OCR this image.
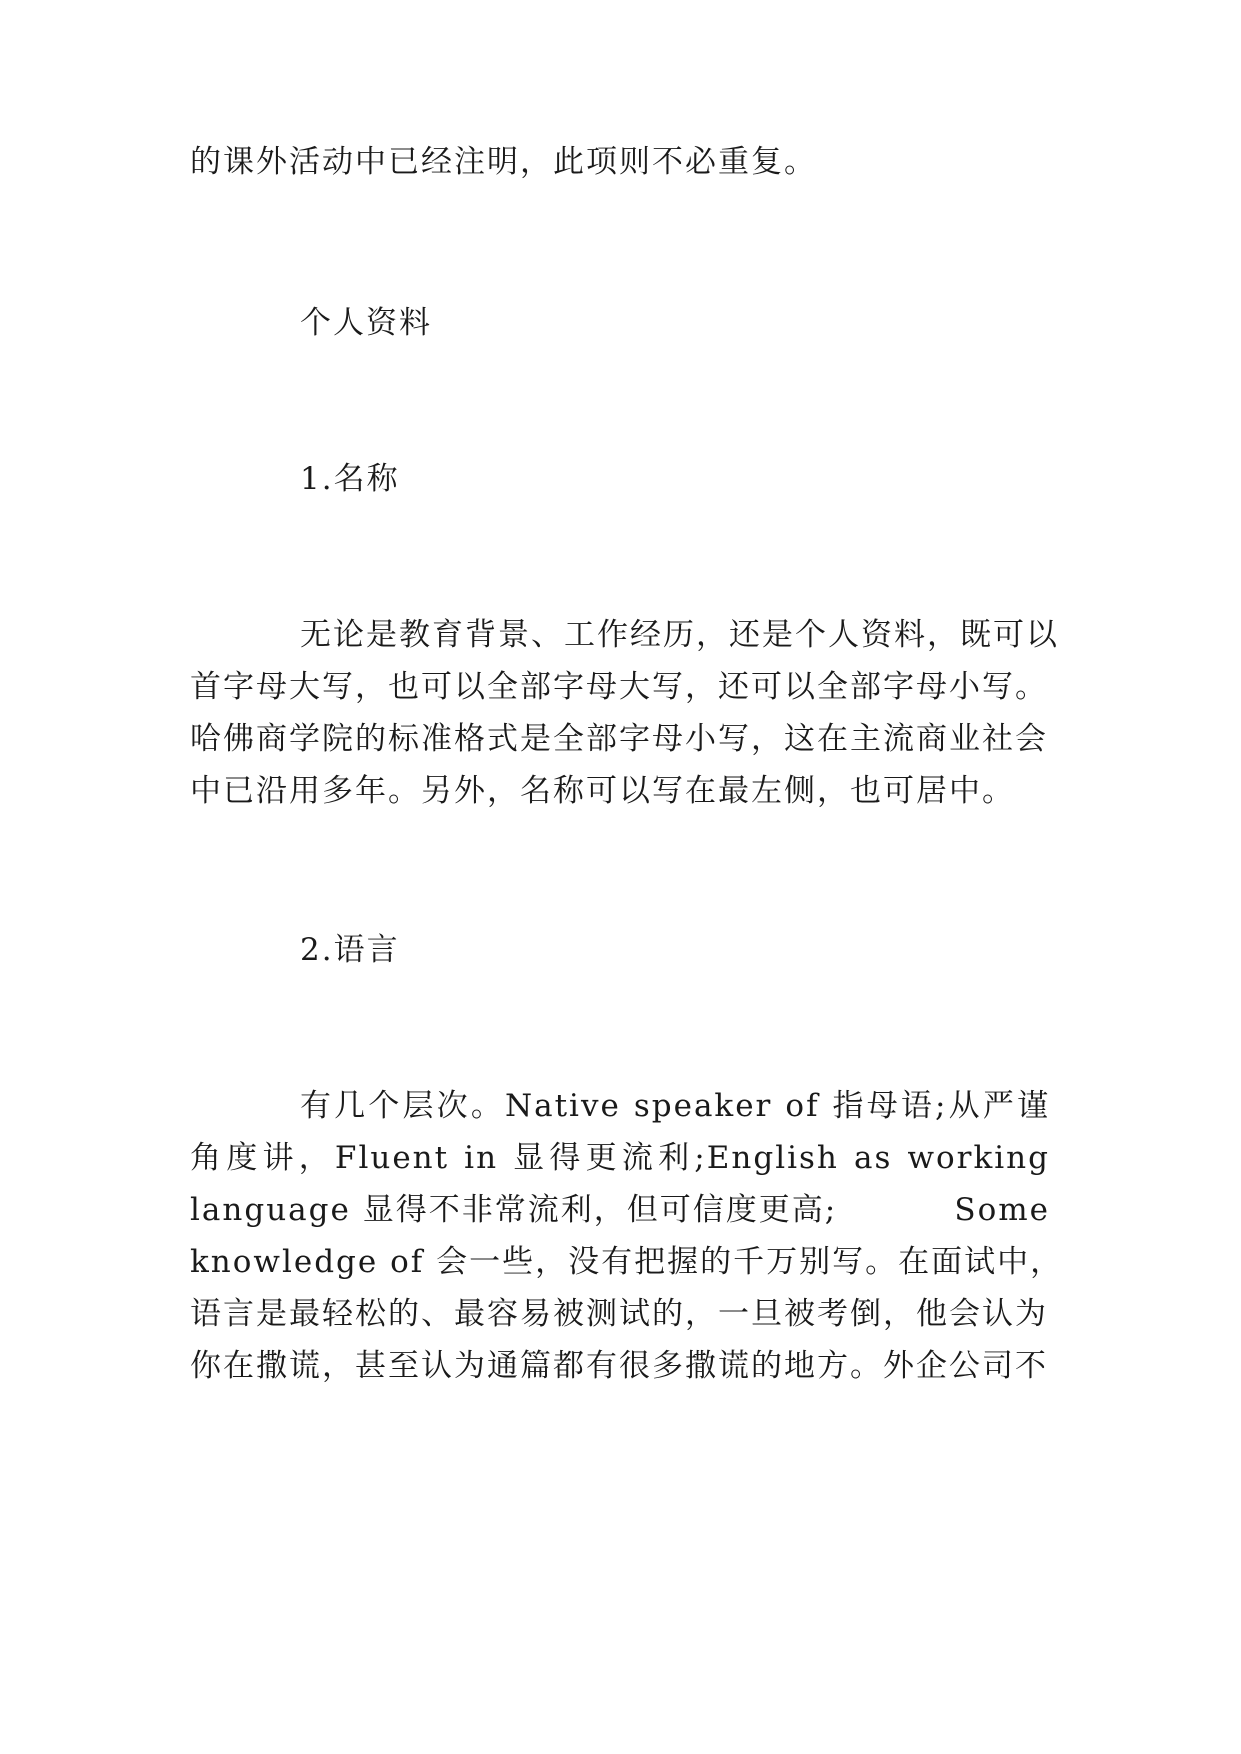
的课外活动中已经注明，此项则不必重复。
个人资料
1.名称
无论是教育背景、工作经历，还是个人资料，既可以
首字母大写，也可以全部字母大写，还可以全部字母小写。
哈佛商学院的标准格式是全部字母小写，这在主流商业社会
中已沿用多年。另外，名称可以写在最左侧，也可居中。
2.语言
有几个层次。Native speaker of 指母语;从严谨
角度讲，Fluent in 显得更流利;English as working
language 显得不非常流利，但可信度更高;	Some
knowledge of 会一些，没有把握的千万别写。在面试中，
语言是最轻松的、最容易被测试的，一旦被考倒，他会认为
你在撒谎，甚至认为通篇都有很多撒谎的地方。外企公司不
